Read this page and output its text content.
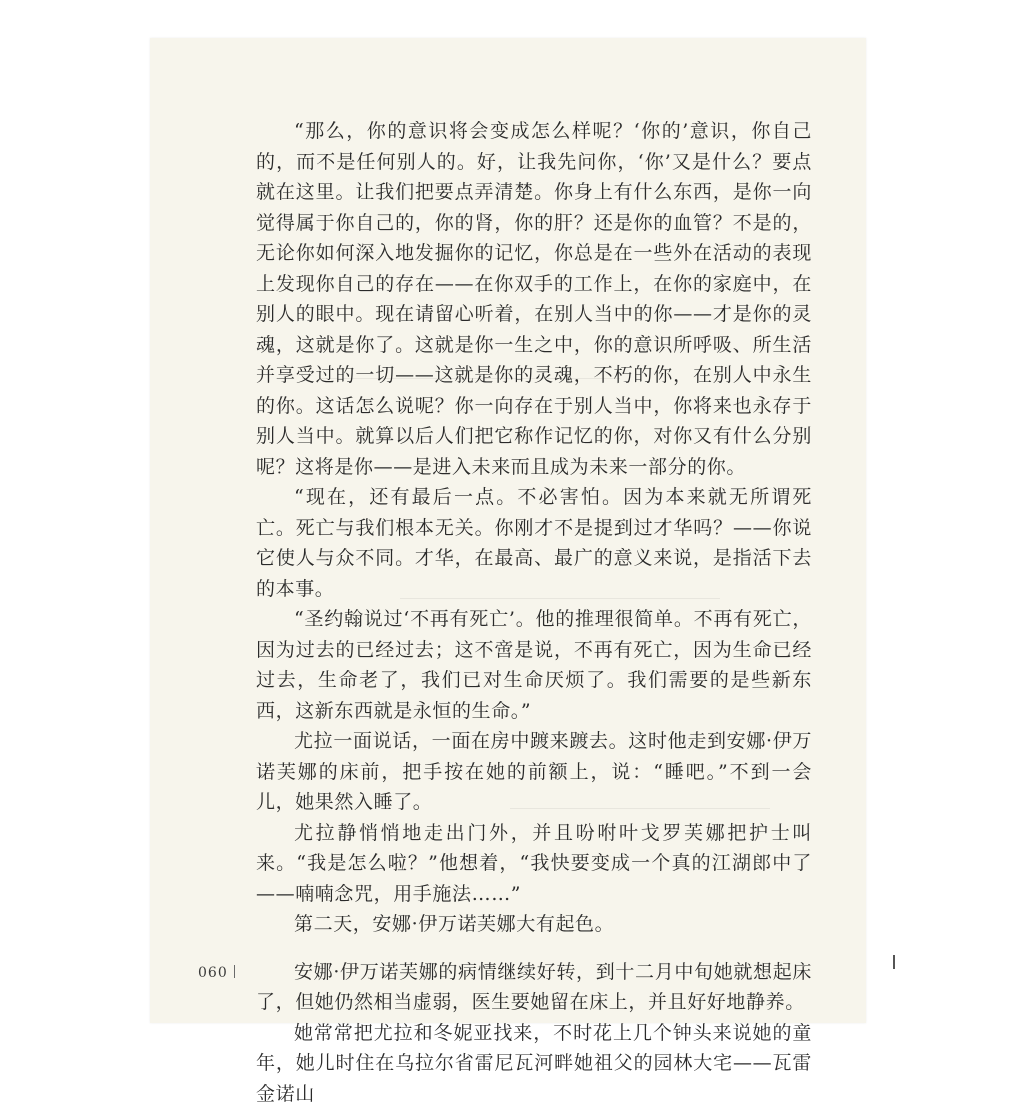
“那么，你的意识将会变成怎么样呢？‘你的’意识，你自己的，而不是任何别人的。好，让我先问你，‘你’又是什么？要点就在这里。让我们把要点弄清楚。你身上有什么东西，是你一向觉得属于你自己的，你的肾，你的肝？还是你的血管？不是的，无论你如何深入地发掘你的记忆，你总是在一些外在活动的表现上发现你自己的存在——在你双手的工作上，在你的家庭中，在别人的眼中。现在请留心听着，在别人当中的你——才是你的灵魂，这就是你了。这就是你一生之中，你的意识所呼吸、所生活并享受过的一切——这就是你的灵魂，不朽的你，在别人中永生的你。这话怎么说呢？你一向存在于别人当中，你将来也永存于别人当中。就算以后人们把它称作记忆的你，对你又有什么分别呢？这将是你——是进入未来而且成为未来一部分的你。

“现在，还有最后一点。不必害怕。因为本来就无所谓死亡。死亡与我们根本无关。你刚才不是提到过才华吗？——你说它使人与众不同。才华，在最高、最广的意义来说，是指活下去的本事。

“圣约翰说过‘不再有死亡’。他的推理很简单。不再有死亡，因为过去的已经过去；这不啻是说，不再有死亡，因为生命已经过去，生命老了，我们已对生命厌烦了。我们需要的是些新东西，这新东西就是永恒的生命。”

尤拉一面说话，一面在房中踱来踱去。这时他走到安娜·伊万诺芙娜的床前，把手按在她的前额上，说：“睡吧。”不到一会儿，她果然入睡了。

尤拉静悄悄地走出门外，并且吩咐叶戈罗芙娜把护士叫来。“我是怎么啦？”他想着，“我快要变成一个真的江湖郎中了——喃喃念咒，用手施法……”

第二天，安娜·伊万诺芙娜大有起色。

安娜·伊万诺芙娜的病情继续好转，到十二月中旬她就想起床了，但她仍然相当虚弱，医生要她留在床上，并且好好地静养。

她常常把尤拉和冬妮亚找来，不时花上几个钟头来说她的童年，她儿时住在乌拉尔省雷尼瓦河畔她祖父的园林大宅——瓦雷金诺山

060
